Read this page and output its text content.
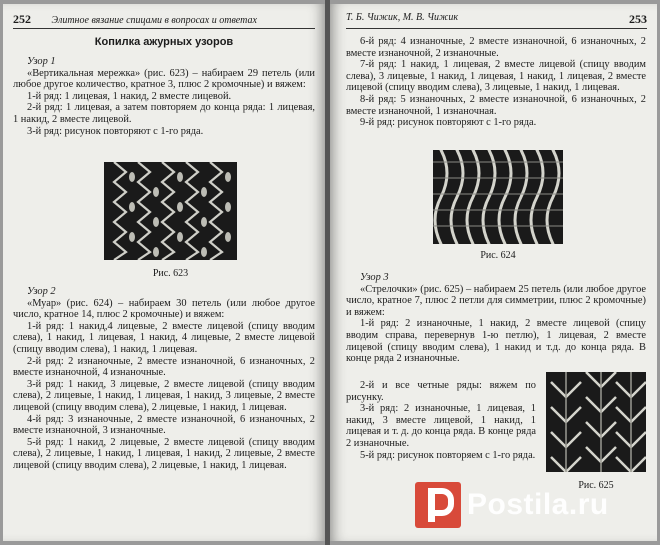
252 Элитное вязание спицами в вопросах и ответах
Копилка ажурных узоров

Узор 1

«Вертикальная мережка» (рис. 623) – набираем 29 петель (или любое другое количество, кратное 3, плюс 2 кромочные) и вяжем:

1-й ряд: 1 лицевая, 1 накид, 2 вместе лицевой.

2-й ряд: 1 лицевая, а затем повторяем до конца ряда: 1 лицевая, 1 накид, 2 вместе лицевой.

3-й ряд: рисунок повторяют с 1-го ряда.

Рис. 623

Узор 2

«Муар» (рис. 624) – набираем 30 петель (или любое другое число, кратное 14, плюс 2 кромочные) и вяжем:

1-й ряд: 1 накид,4 лицевые, 2 вместе лицевой (спицу вводим слева), 1 накид, 1 лицевая, 1 накид, 4 лицевые, 2 вместе лицевой (спицу вводим слева), 1 накид, 1 лицевая.

2-й ряд: 2 изнаночные, 2 вместе изнаночной, 6 изнаночных, 2 вместе изнаночной, 4 изнаночные.

3-й ряд: 1 накид, 3 лицевые, 2 вместе лицевой (спицу вводим слева), 2 лицевые, 1 накид, 1 лицевая, 1 накид, 3 лицевые, 2 вместе лицевой (спицу вводим слева), 2 лицевые, 1 накид, 1 лицевая.

4-й ряд: 3 изнаночные, 2 вместе изнаночной, 6 изнаночных, 2 вместе изнаночной, 3 изнаночные.

5-й ряд: 1 накид, 2 лицевые, 2 вместе лицевой (спицу вводим слева), 2 лицевые, 1 накид, 1 лицевая, 1 накид, 2 лицевые, 2 вместе лицевой (спицу вводим слева), 2 лицевые, 1 накид, 1 лицевая.

Т. Б. Чижик, М. В. Чижик	253

6-й ряд: 4 изнаночные, 2 вместе изнаночной, 6 изнаночных, 2 вместе изнаночной, 2 изнаночные.

7-й ряд: 1 накид, 1 лицевая, 2 вместе лицевой (спицу вводим слева), 3 лицевые, 1 накид, 1 лицевая, 1 накид, 1 лицевая, 2 вместе лицевой (спицу вводим слева), 3 лицевые, 1 накид, 1 лицевая.

8-й ряд: 5 изнаночных, 2 вместе изнаночной, 6 изнаночных, 2 вместе изнаночной, 1 изнаночная.

9-й ряд: рисунок повторяют с 1-го ряда.

Рис. 624

Узор 3

«Стрелочки» (рис. 625) – набираем 25 петель (или любое другое число, кратное 7, плюс 2 петли для симметрии, плюс 2 кромочные) и вяжем:

1-й ряд: 2 изнаночные, 1 накид, 2 вместе лицевой (спицу вводим справа, перевернув 1-ю петлю), 1 лицевая, 2 вместе лицевой (спицу вводим слева), 1 накид и т.д. до конца ряда. В конце ряда 2 изнаночные.

2-й и все четные ряды: вяжем по рисунку.

3-й ряд: 2 изнаночные, 1 лицевая, 1 накид, 3 вместе лицевой, 1 накид, 1 лицевая и т. д. до конца ряда. В конце ряда 2 изнаночные.

5-й ряд: рисунок повторяем с 1-го ряда.

Рис. 625
Postila.ru
